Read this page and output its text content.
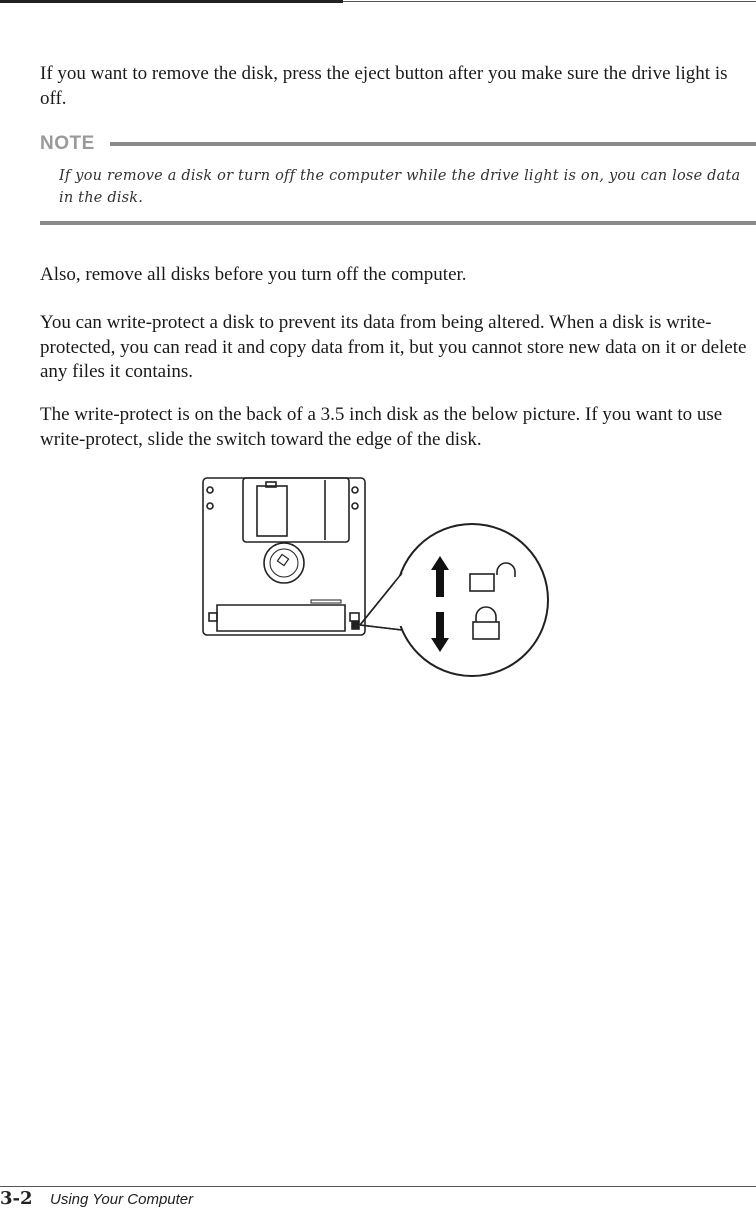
If you want to remove the disk, press the eject button after you make sure the drive light is off.

NOTE

If you remove a disk or turn off the computer while the drive light is on, you can lose data in the disk.

Also, remove all disks before you turn off the computer.

You can write-protect a disk to prevent its data from being altered. When a disk is write-protected, you can read it and copy data from it, but you cannot store new data on it or delete any files it contains.

The write-protect is on the back of a 3.5 inch disk as the below picture. If you want to use write-protect, slide the switch toward the edge of the disk.

3-2 Using Your Computer
